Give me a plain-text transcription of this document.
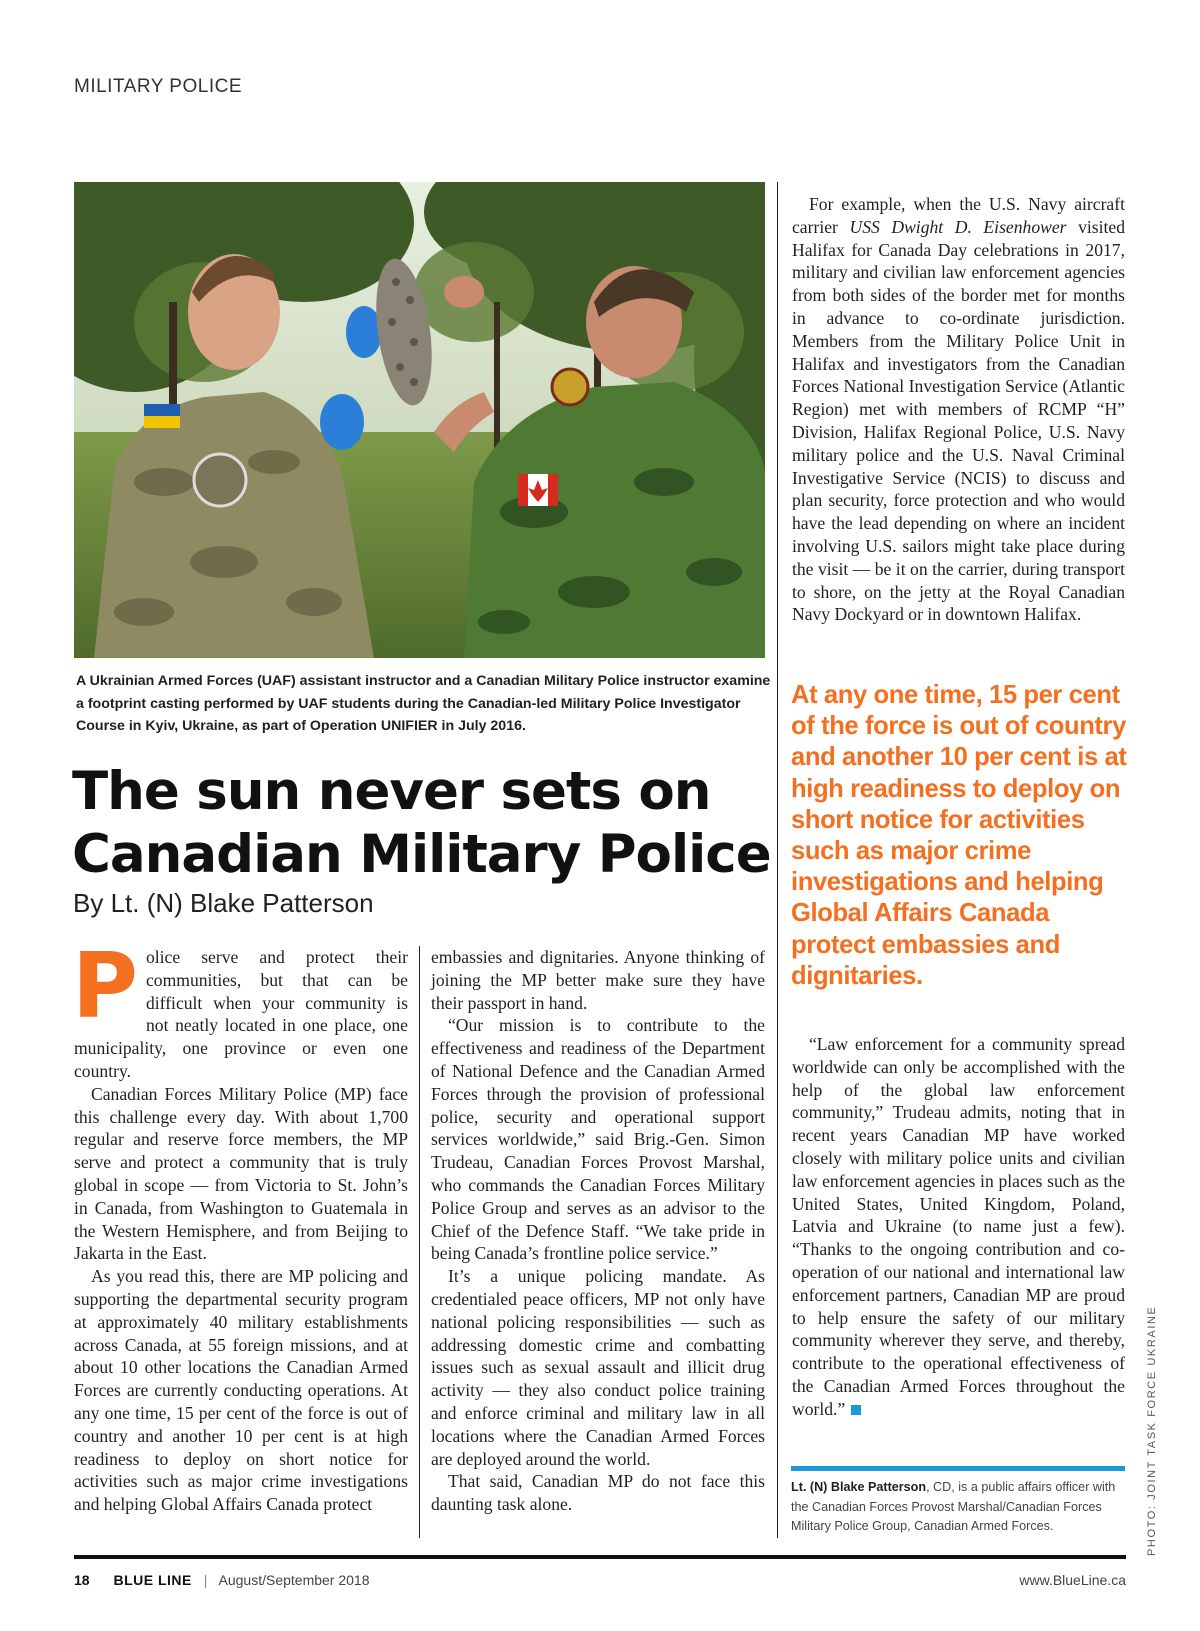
MILITARY POLICE
A Ukrainian Armed Forces (UAF) assistant instructor and a Canadian Military Police instructor examine a footprint casting performed by UAF students during the Canadian-led Military Police Investigator Course in Kyiv, Ukraine, as part of Operation UNIFIER in July 2016.
The sun never sets on
Canadian Military Police
By Lt. (N) Blake Patterson

Police serve and protect their communities, but that can be difficult when your community is not neatly located in one place, one municipality, one province or even one country.

Canadian Forces Military Police (MP) face this challenge every day. With about 1,700 regular and reserve force members, the MP serve and protect a community that is truly global in scope — from Victoria to St. John’s in Canada, from Washington to Guatemala in the Western Hemisphere, and from Beijing to Jakarta in the East.

As you read this, there are MP policing and supporting the departmental security program at approximately 40 military establishments across Canada, at 55 foreign missions, and at about 10 other locations the Canadian Armed Forces are currently conducting operations. At any one time, 15 per cent of the force is out of country and another 10 per cent is at high readiness to deploy on short notice for activities such as major crime investigations and helping Global Affairs Canada protect

embassies and dignitaries. Anyone thinking of joining the MP better make sure they have their passport in hand.

“Our mission is to contribute to the effectiveness and readiness of the Department of National Defence and the Canadian Armed Forces through the provision of professional police, security and operational support services worldwide,” said Brig.-Gen. Simon Trudeau, Canadian Forces Provost Marshal, who commands the Canadian Forces Military Police Group and serves as an advisor to the Chief of the Defence Staff. “We take pride in being Canada’s frontline police service.”

It’s a unique policing mandate. As credentialed peace officers, MP not only have national policing responsibilities — such as addressing domestic crime and combatting issues such as sexual assault and illicit drug activity — they also conduct police training and enforce criminal and military law in all locations where the Canadian Armed Forces are deployed around the world.

That said, Canadian MP do not face this daunting task alone.

For example, when the U.S. Navy aircraft carrier USS Dwight D. Eisenhower visited Halifax for Canada Day celebrations in 2017, military and civilian law enforcement agencies from both sides of the border met for months in advance to co-ordinate jurisdiction. Members from the Military Police Unit in Halifax and investigators from the Canadian Forces National Investigation Service (Atlantic Region) met with members of RCMP “H” Division, Halifax Regional Police, U.S. Navy military police and the U.S. Naval Criminal Investigative Service (NCIS) to discuss and plan security, force protection and who would have the lead depending on where an incident involving U.S. sailors might take place during the visit — be it on the carrier, during transport to shore, on the jetty at the Royal Canadian Navy Dockyard or in downtown Halifax.

At any one time, 15 per cent of the force is out of country and another 10 per cent is at high readiness to deploy on short notice for activities such as major crime investigations and helping Global Affairs Canada protect embassies and dignitaries.

“Law enforcement for a community spread worldwide can only be accomplished with the help of the global law enforcement community,” Trudeau admits, noting that in recent years Canadian MP have worked closely with military police units and civilian law enforcement agencies in places such as the United States, United Kingdom, Poland, Latvia and Ukraine (to name just a few). “Thanks to the ongoing contribution and co-operation of our national and international law enforcement partners, Canadian MP are proud to help ensure the safety of our military community wherever they serve, and thereby, contribute to the operational effectiveness of the Canadian Armed Forces throughout the world.”

Lt. (N) Blake Patterson, CD, is a public affairs officer with the Canadian Forces Provost Marshal/Canadian Forces Military Police Group, Canadian Armed Forces.	PHOTO: JOINT TASK FORCE UKRAINE
18 BLUE LINE | August/September 2018	www.BlueLine.ca
